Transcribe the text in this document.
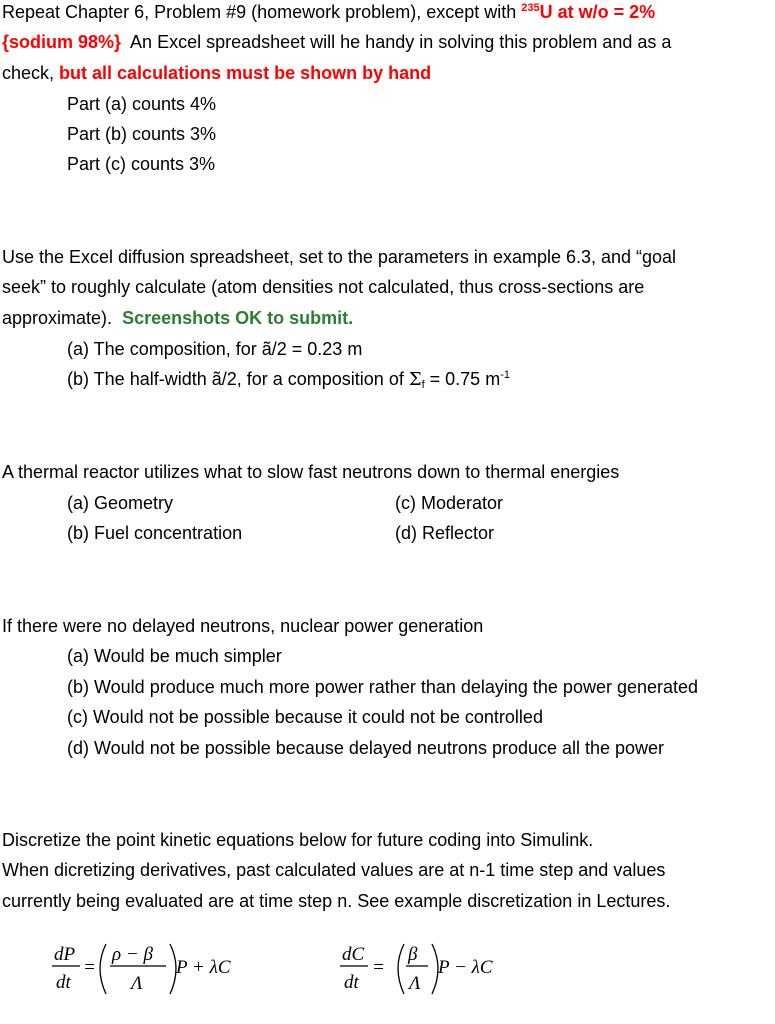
Repeat Chapter 6, Problem #9 (homework problem), except with $^{235}$U at w/o = 2%
{sodium 98%}  An Excel spreadsheet will he handy in solving this problem and as a
check, but all calculations must be shown by hand
Part (a) counts 4%
Part (b) counts 3%
Part (c) counts 3%
Use the Excel diffusion spreadsheet, set to the parameters in example 6.3, and “goal
seek” to roughly calculate (atom densities not calculated, thus cross-sections are
approximate).  Screenshots OK to submit.
(a) The composition, for ã/2 = 0.23 m
(b) The half-width ã/2, for a composition of $\Sigma_f = 0.75$ $m^{-1}$
A thermal reactor utilizes what to slow fast neutrons down to thermal energies
(a) Geometry	(c) Moderator
(b) Fuel concentration	(d) Reflector
If there were no delayed neutrons, nuclear power generation
(a) Would be much simpler
(b) Would produce much more power rather than delaying the power generated
(c) Would not be possible because it could not be controlled
(d) Would not be possible because delayed neutrons produce all the power
Discretize the point kinetic equations below for future coding into Simulink.
When dicretizing derivatives, past calculated values are at n-1 time step and values
currently being evaluated are at time step n. See example discretization in Lectures.
dP
dt
=
ρ − β
Λ
P + λC
dC
dt
=
β
Λ
P − λC
